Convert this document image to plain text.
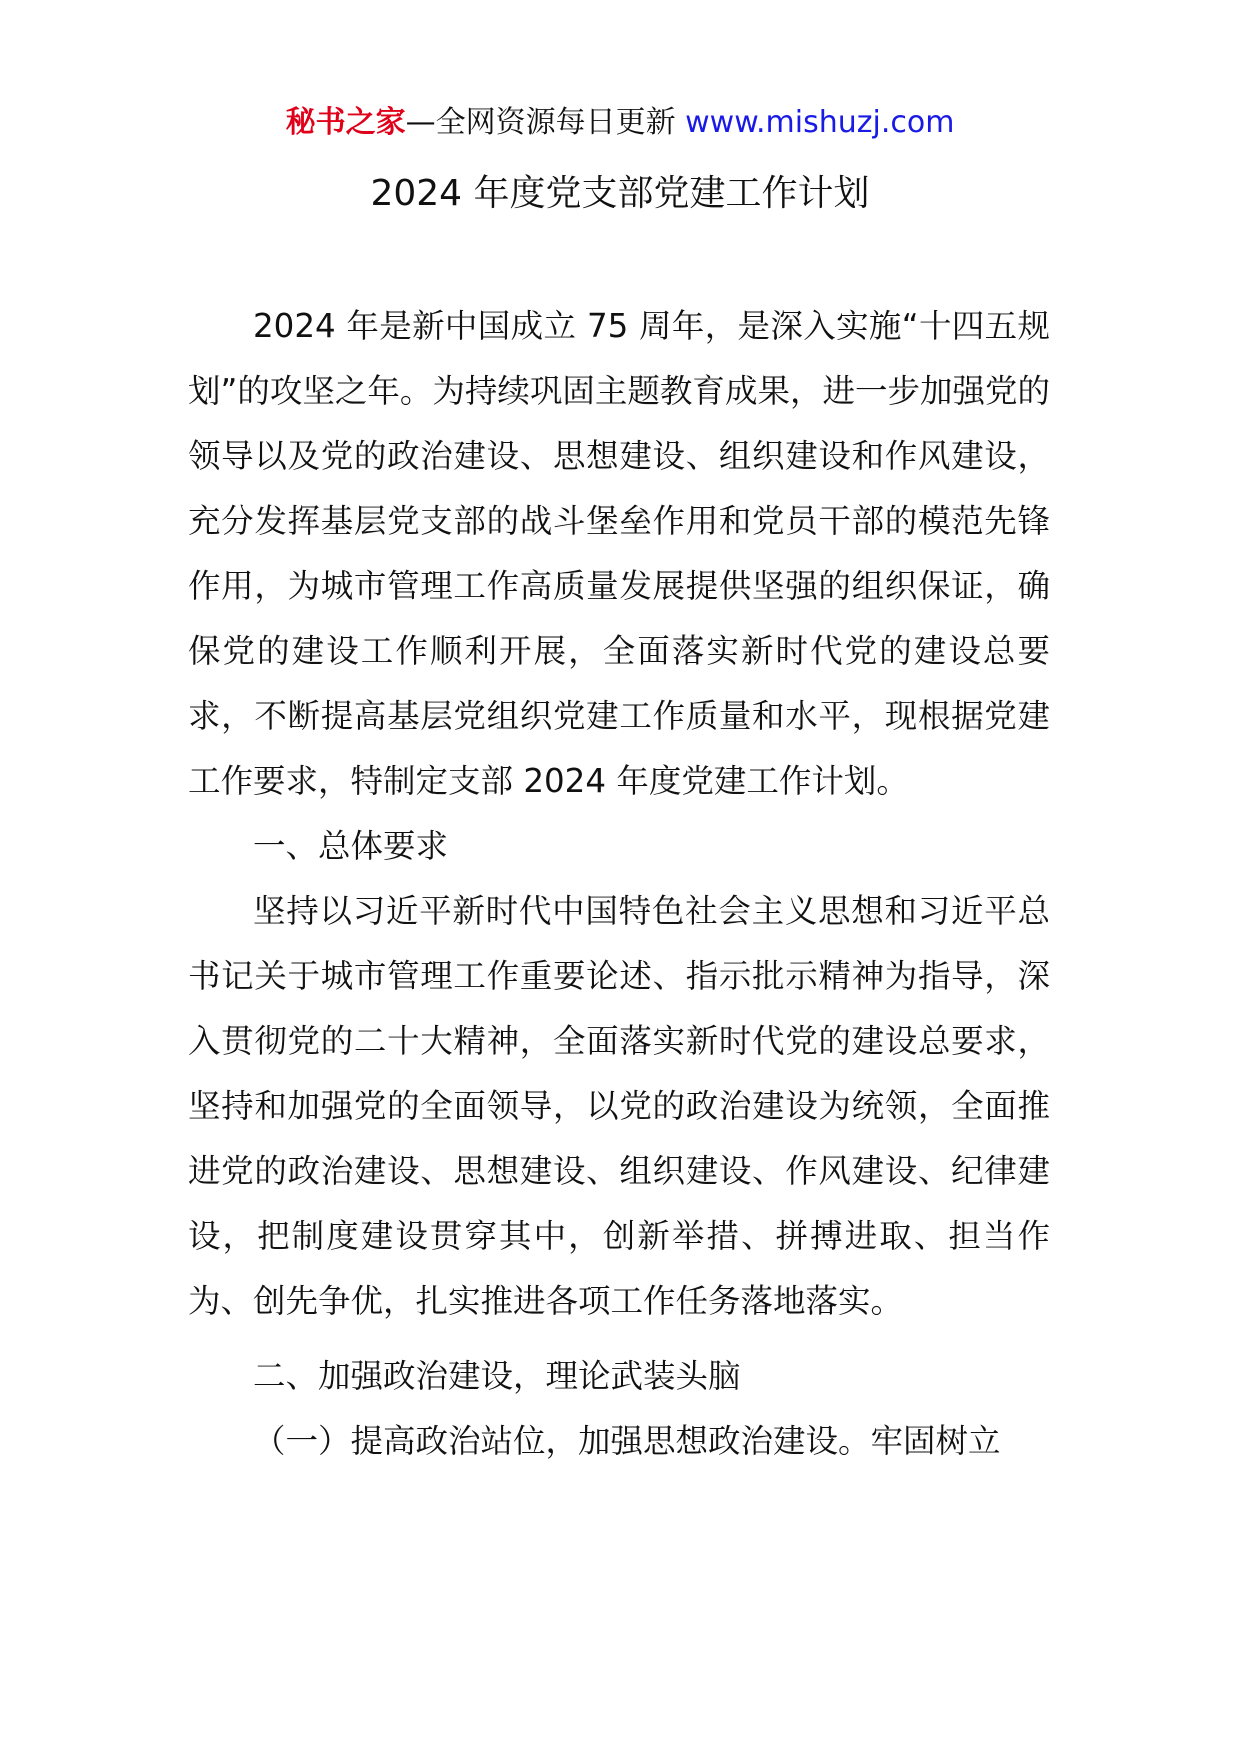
秘书之家—全网资源每日更新 www.mishuzj.com
2024 年度党支部党建工作计划

2024 年是新中国成立 75 周年，是深入实施“十四五规划”的攻坚之年。为持续巩固主题教育成果，进一步加强党的领导以及党的政治建设、思想建设、组织建设和作风建设，充分发挥基层党支部的战斗堡垒作用和党员干部的模范先锋作用，为城市管理工作高质量发展提供坚强的组织保证，确保党的建设工作顺利开展，全面落实新时代党的建设总要求，不断提高基层党组织党建工作质量和水平，现根据党建工作要求，特制定支部 2024 年度党建工作计划。

一、总体要求

坚持以习近平新时代中国特色社会主义思想和习近平总书记关于城市管理工作重要论述、指示批示精神为指导，深入贯彻党的二十大精神，全面落实新时代党的建设总要求，坚持和加强党的全面领导，以党的政治建设为统领，全面推进党的政治建设、思想建设、组织建设、作风建设、纪律建设，把制度建设贯穿其中，创新举措、拼搏进取、担当作为、创先争优，扎实推进各项工作任务落地落实。

二、加强政治建设，理论武装头脑

（一）提高政治站位，加强思想政治建设。牢固树立
